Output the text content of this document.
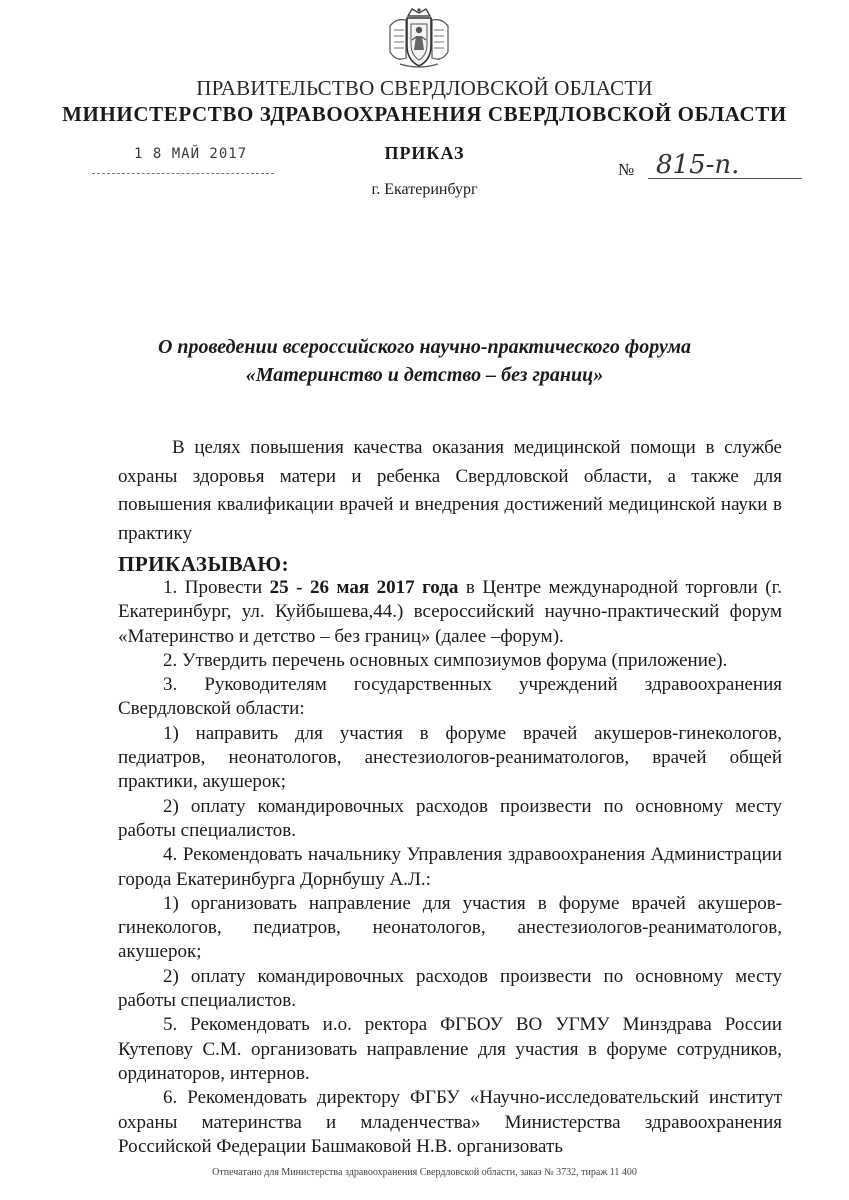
ПРАВИТЕЛЬСТВО СВЕРДЛОВСКОЙ ОБЛАСТИ
МИНИСТЕРСТВО ЗДРАВООХРАНЕНИЯ СВЕРДЛОВСКОЙ ОБЛАСТИ
1 8 МАЙ 2017	ПРИКАЗ
№ 815-п.
г. Екатеринбург
О проведении всероссийского научно-практического форума
«Материнство и детство – без границ»
В целях повышения качества оказания медицинской помощи в службе охраны здоровья матери и ребенка Свердловской области, а также для повышения квалификации врачей и внедрения достижений медицинской науки в практику
ПРИКАЗЫВАЮ:

1. Провести 25 - 26 мая 2017 года в Центре международной торговли (г. Екатеринбург, ул. Куйбышева,44.) всероссийский научно-практический форум «Материнство и детство – без границ» (далее –форум).

2. Утвердить перечень основных симпозиумов форума (приложение).

3. Руководителям государственных учреждений здравоохранения Свердловской области:

1) направить для участия в форуме врачей акушеров-гинекологов, педиатров, неонатологов, анестезиологов-реаниматологов, врачей общей практики, акушерок;

2) оплату командировочных расходов произвести по основному месту работы специалистов.

4. Рекомендовать начальнику Управления здравоохранения Администрации города Екатеринбурга Дорнбушу А.Л.:

1) организовать направление для участия в форуме врачей акушеров-гинекологов, педиатров, неонатологов, анестезиологов-реаниматологов, акушерок;

2) оплату командировочных расходов произвести по основному месту работы специалистов.

5. Рекомендовать и.о. ректора ФГБОУ ВО УГМУ Минздрава России Кутепову С.М. организовать направление для участия в форуме сотрудников, ординаторов, интернов.

6. Рекомендовать директору ФГБУ «Научно-исследовательский институт охраны материнства и младенчества» Министерства здравоохранения Российской Федерации Башмаковой Н.В. организовать

Отпечатано для Министерства здравоохранения Свердловской области, заказ № 3732, тираж 11 400
